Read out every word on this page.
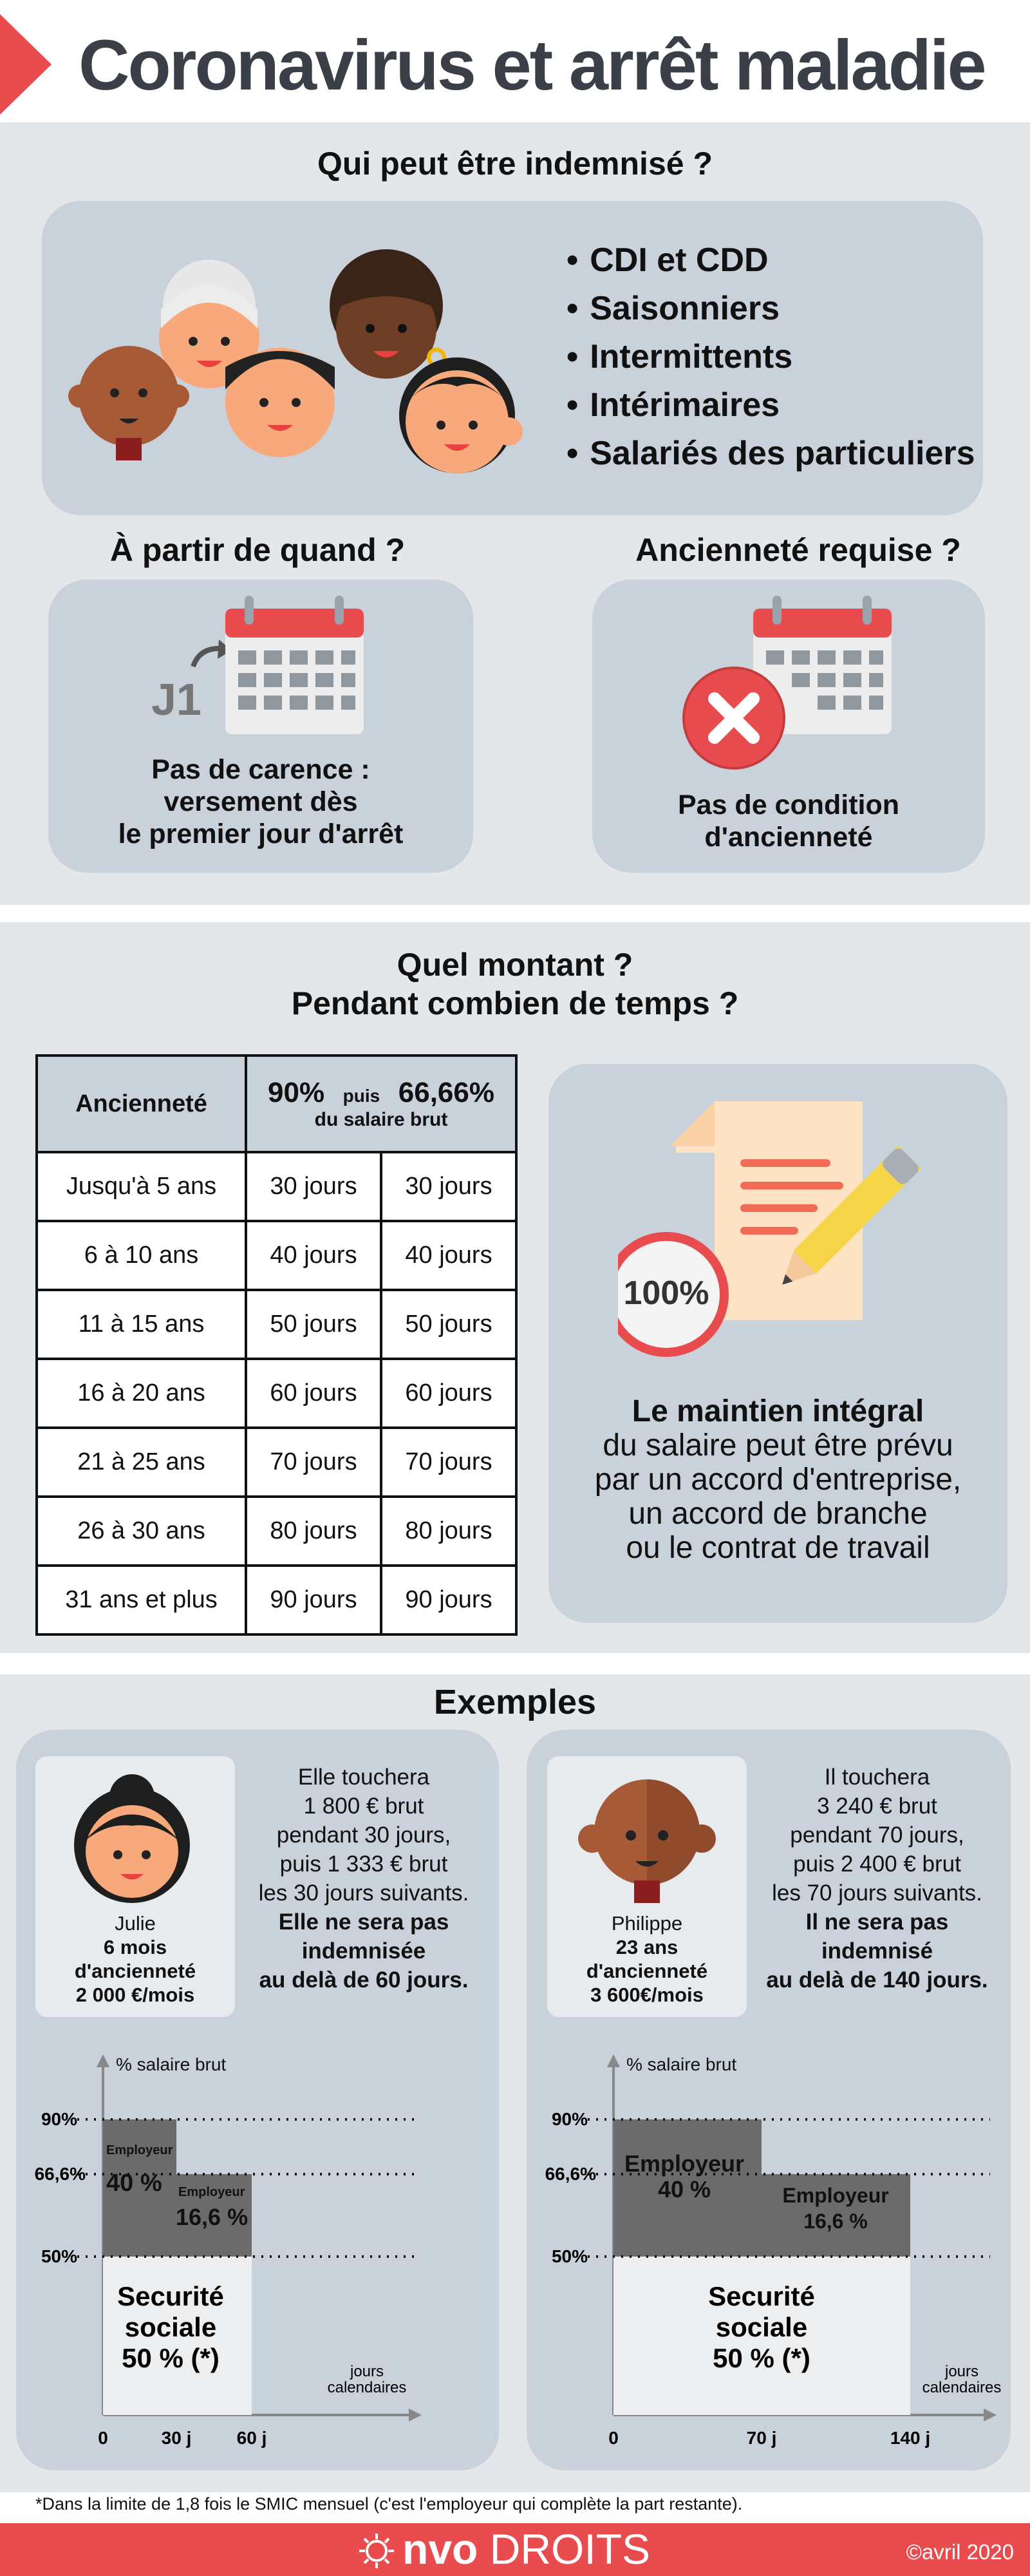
Coronavirus et arrêt maladie
Qui peut être indemnisé ?
• CDI et CDD
• Saisonniers
• Intermittents
• Intérimaires
• Salariés des particuliers
À partir de quand ?
J1
Pas de carence :
versement dès
le premier jour d'arrêt
Ancienneté requise ?
Pas de condition
d'ancienneté
Quel montant ?
Pendant combien de temps ?
Ancienneté	90% puis 66,66%
du salaire brut	

Jusqu'à 5 ans	30 jours	30 jours
6 à 10 ans	40 jours	40 jours
11 à 15 ans	50 jours	50 jours
16 à 20 ans	60 jours	60 jours
21 à 25 ans	70 jours	70 jours
26 à 30 ans	80 jours	80 jours
31 ans et plus	90 jours	90 jours
100%
Le maintien intégral
du salaire peut être prévu
par un accord d'entreprise,
un accord de branche
ou le contrat de travail
Exemples
Julie
6 mois
d'ancienneté
2 000 €/mois
Elle touchera
1 800 € brut
pendant 30 jours,
puis 1 333 € brut
les 30 jours suivants.
Elle ne sera pas
indemnisée
au delà de 60 jours.
% salaire brut
90%
66,6%
50%
Employeur
40 % Employeur
16,6 %
Securité
sociale
50 % (*)	jours
calendaires
0	30 j	60 j
Philippe
23 ans
d'ancienneté
3 600€/mois
Il touchera
3 240 € brut
pendant 70 jours,
puis 2 400 € brut
les 70 jours suivants.
Il ne sera pas
indemnisé
au delà de 140 jours.
% salaire brut
90%
66,6%
50%
Employeur
40 %	Employeur
16,6 %
Securité
sociale
50 % (*)	jours
calendaires
0	70 j	140 j
*Dans la limite de 1,8 fois le SMIC mensuel (c'est l'employeur qui complète la part restante).
nvo DROITS	©avril 2020
